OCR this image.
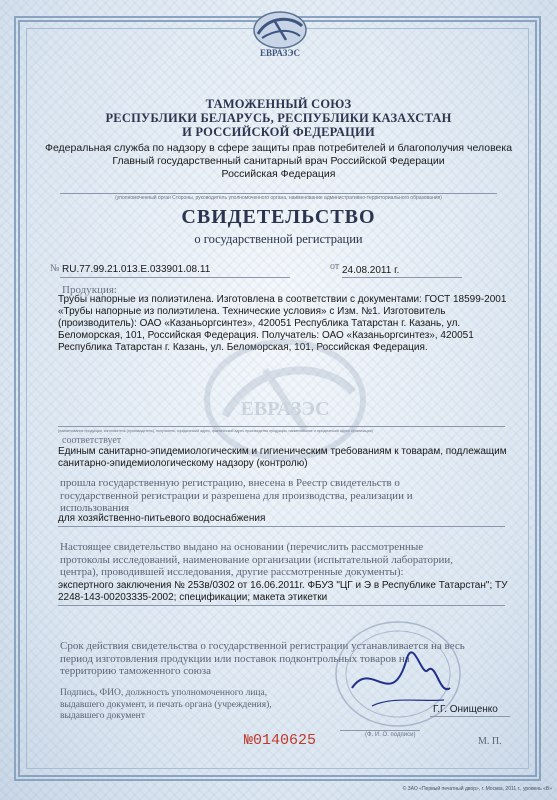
ЕВРАЗЭС
ТАМОЖЕННЫЙ СОЮЗ
РЕСПУБЛИКИ БЕЛАРУСЬ, РЕСПУБЛИКИ КАЗАХСТАН
И РОССИЙСКОЙ ФЕДЕРАЦИИ
Федеральная служба по надзору в сфере защиты прав потребителей и благополучия человека
Главный государственный санитарный врач Российской Федерации
Российская Федерация
(уполномоченный орган Стороны, руководитель уполномоченного органа, наименование административно-территориального образования)
СВИДЕТЕЛЬСТВО
о государственной регистрации
№ RU.77.99.21.013.Е.033901.08.11	от 24.08.2011 г.
Продукция:
Трубы напорные из полиэтилена. Изготовлена в соответствии с документами: ГОСТ 18599-2001
«Трубы напорные из полиэтилена. Технические условия» с Изм. №1. Изготовитель
(производитель): ОАО «Казаньоргсинтез», 420051 Республика Татарстан г. Казань, ул.
Беломорская, 101, Российская Федерация. Получатель: ОАО «Казаньоргсинтез», 420051
Республика Татарстан г. Казань, ул. Беломорская, 101, Российская Федерация.
ЕВРАЗЭС
(наименование продукции, изготовитель (производитель), получатель, юридический адрес, фактический адрес производства продукции, наименование и юридический адрес организации)
соответствует
Единым санитарно-эпидемиологическим и гигиеническим требованиям к товарам, подлежащим
санитарно-эпидемиологическому надзору (контролю)
прошла государственную регистрацию, внесена в Реестр свидетельств о
государственной регистрации и разрешена для производства, реализации и
использования
для хозяйственно-питьевого водоснабжения
Настоящее свидетельство выдано на основании (перечислить рассмотренные
протоколы исследований, наименование организации (испытательной лаборатории,
центра), проводившей исследования, другие рассмотренные документы):
экспертного заключения № 253в/0302 от 16.06.2011г. ФБУЗ "ЦГ и Э в Республике Татарстан"; ТУ
2248-143-00203335-2002; спецификации; макета этикетки
Срок действия свидетельства о государственной регистрации устанавливается на весь
период изготовления продукции или поставок подконтрольных товаров на
территорию таможенного союза
Подпись, ФИО, должность уполномоченного лица,
выдавшего документ, и печать органа (учреждения),
выдавшего документ
Г.Г. Онищенко
(Ф. И. О. подписи)
№0140625	М. П.
© ЗАО «Первый печатный двор», г. Москва, 2011 г., уровень «В»
